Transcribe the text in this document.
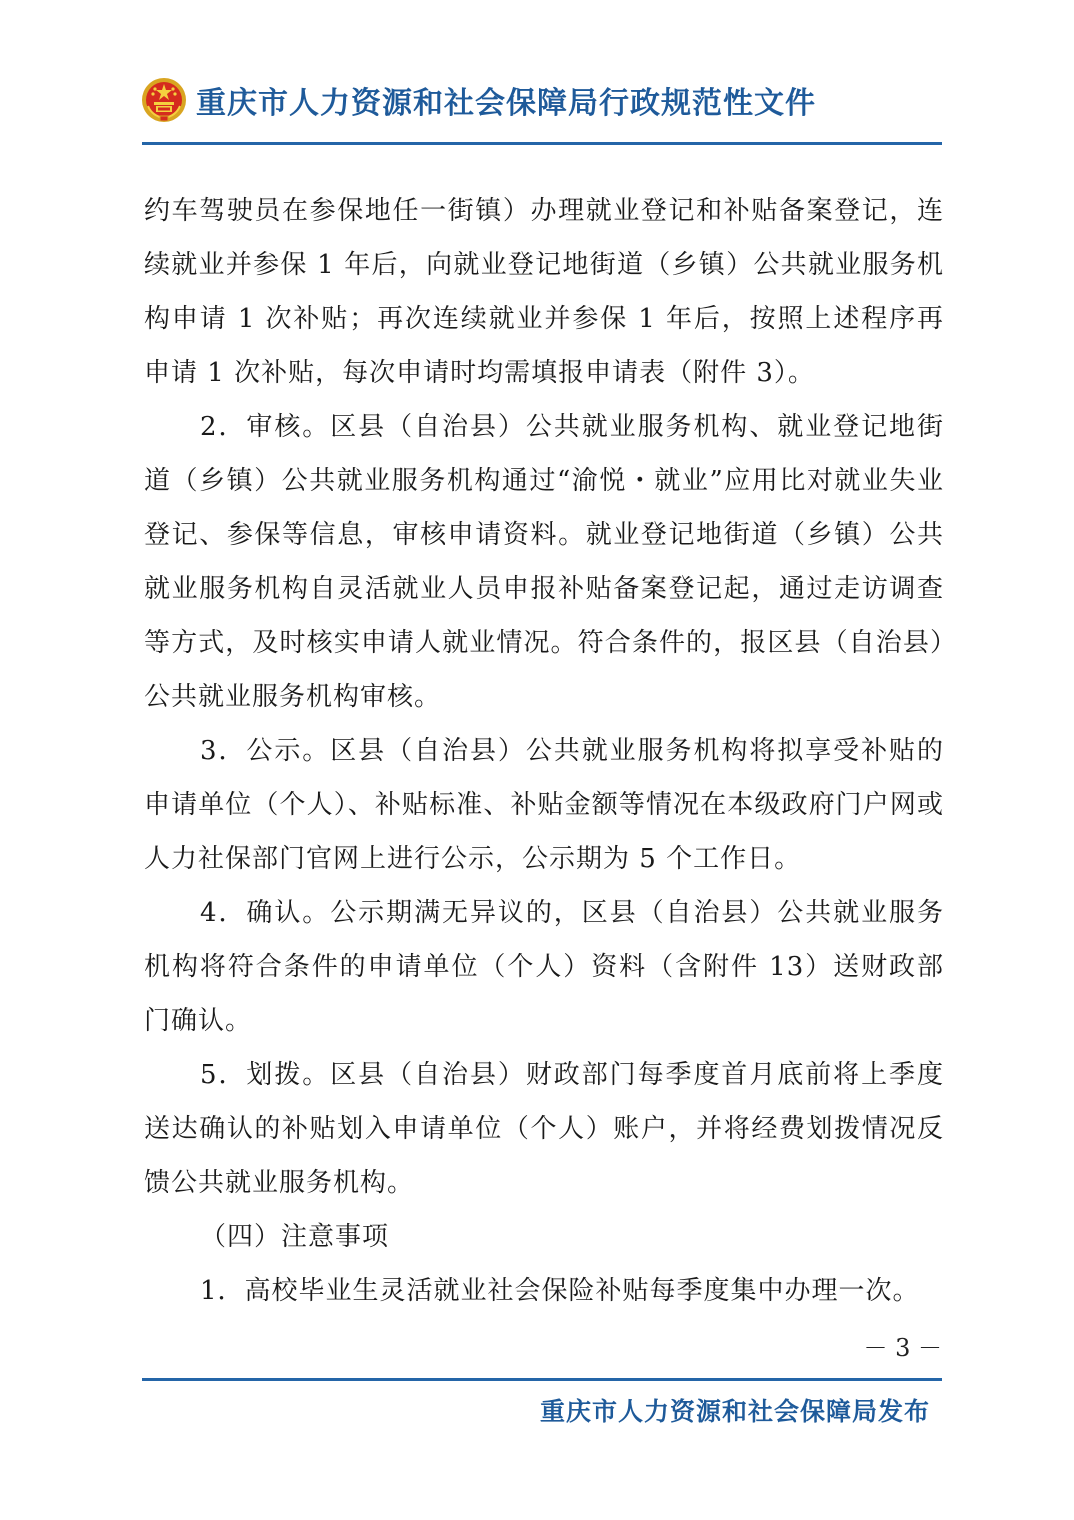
重庆市人力资源和社会保障局行政规范性文件

约车驾驶员在参保地任一街镇）办理就业登记和补贴备案登记，连续就业并参保 1 年后，向就业登记地街道（乡镇）公共就业服务机构申请 1 次补贴；再次连续就业并参保 1 年后，按照上述程序再申请 1 次补贴，每次申请时均需填报申请表（附件 3）。

2．审核。区县（自治县）公共就业服务机构、就业登记地街道（乡镇）公共就业服务机构通过“渝悦・就业”应用比对就业失业登记、参保等信息，审核申请资料。就业登记地街道（乡镇）公共就业服务机构自灵活就业人员申报补贴备案登记起，通过走访调查等方式，及时核实申请人就业情况。符合条件的，报区县（自治县）公共就业服务机构审核。

3．公示。区县（自治县）公共就业服务机构将拟享受补贴的申请单位（个人）、补贴标准、补贴金额等情况在本级政府门户网或人力社保部门官网上进行公示，公示期为 5 个工作日。

4．确认。公示期满无异议的，区县（自治县）公共就业服务机构将符合条件的申请单位（个人）资料（含附件 13）送财政部门确认。

5．划拨。区县（自治县）财政部门每季度首月底前将上季度送达确认的补贴划入申请单位（个人）账户，并将经费划拨情况反馈公共就业服务机构。

（四）注意事项

1．高校毕业生灵活就业社会保险补贴每季度集中办理一次。

－ 3 －
重庆市人力资源和社会保障局发布
